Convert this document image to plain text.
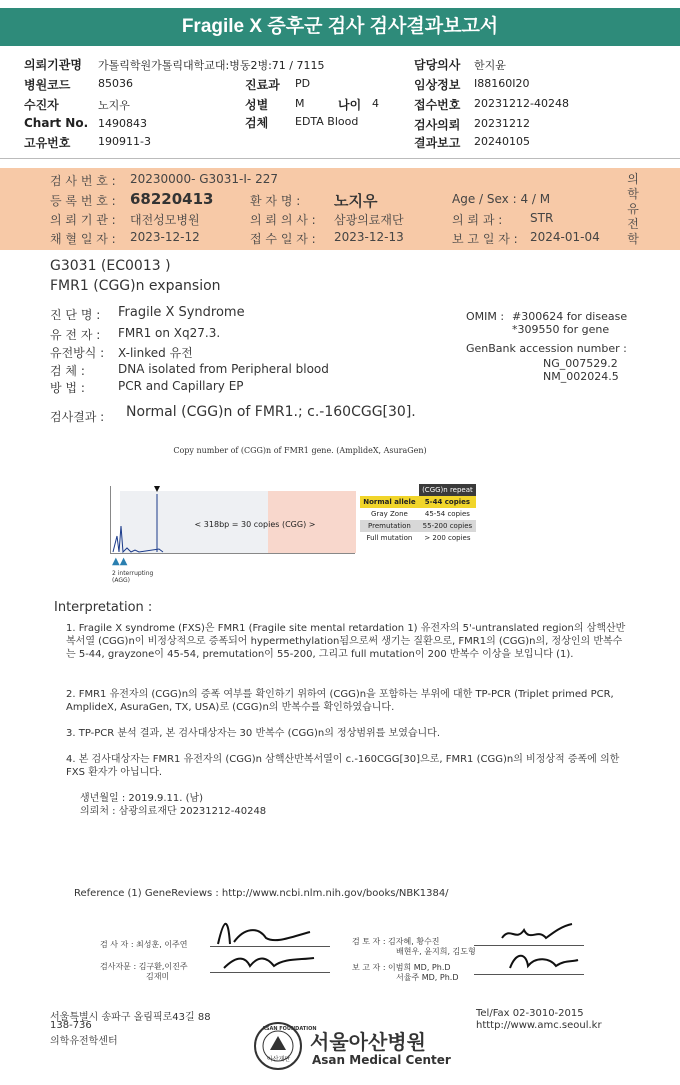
Fragile X 증후군 검사 검사결과보고서
의뢰기관명 가톨릭학원가톨릭대학교대:병동2병:71 / 7115
병원코드	85036
수진자	노지우
Chart No. 1490843
고유번호	190911-3
진료과 PD
성별 M	나이 4
검체 EDTA Blood
담당의사 한지윤
임상정보 I88160I20
접수번호 20231212-40248
검사의뢰 20231212
결과보고 20240105
검 사 번 호 : 20230000- G3031-I- 227
등 록 번 호 : 68220413	환 자 명 : 노지우	Age / Sex : 4 / M
의 뢰 기 관 : 대전성모병원	의 뢰 의 사 : 삼광의료재단	의 뢰 과 : STR
채 혈 일 자 : 2023-12-12	접 수 일 자 : 2023-12-13	보 고 일 자 : 2024-01-04
의
학
유
전
학
G3031 (EC0013 )
FMR1 (CGG)n expansion
진 단 명 : Fragile X Syndrome
유 전 자 : FMR1 on Xq27.3.
유전방식 : X-linked 유전
검 체 :	DNA isolated from Peripheral blood
방 법 :	PCR and Capillary EP
OMIM : #300624 for disease
*309550 for gene
GenBank accession number :
NG_007529.2
NM_002024.5
검사결과 : Normal (CGG)n of FMR1.; c.-160CGG[30].
Copy number of (CGG)n of FMR1 gene. (AmplideX, AsuraGen)
< 318bp = 30 copies (CGG) >
▲▲
2 interrupting (AGG)
	(CGG)n repeat
Normal allele	5-44 copies
Gray Zone	45-54 copies
Premutation	55-200 copies
Full mutation	> 200 copies
Interpretation :

1. Fragile X syndrome (FXS)은 FMR1 (Fragile site mental retardation 1) 유전자의 5'-untranslated region의 삼핵산반복서열 (CGG)n이 비정상적으로 증폭되어 hypermethylation됨으로써 생기는 질환으로, FMR1의 (CGG)n의, 정상인의 반복수는 5-44, grayzone이 45-54, premutation이 55-200, 그리고 full mutation이 200 반복수 이상을 보입니다 (1).

2. FMR1 유전자의 (CGG)n의 증폭 여부를 확인하기 위하여 (CGG)n을 포함하는 부위에 대한 TP-PCR (Triplet primed PCR, AmplideX, AsuraGen, TX, USA)로 (CGG)n의 반복수를 확인하였습니다.

3. TP-PCR 분석 결과, 본 검사대상자는 30 반복수 (CGG)n의 정상범위를 보였습니다.

4. 본 검사대상자는 FMR1 유전자의 (CGG)n 삼핵산반복서열이 c.-160CGG[30]으로, FMR1 (CGG)n의 비정상적 증폭에 의한 FXS 환자가 아닙니다.

생년월일 : 2019.9.11. (남)

의뢰처 : 삼광의료재단 20231212-40248

Reference (1) GeneReviews : http://www.ncbi.nlm.nih.gov/books/NBK1384/
검 사 자 : 최성훈, 이주연
검사자문 : 김구환,이진주
김재미
검 토 자 : 김자혜, 황수진
배현우, 윤지희, 김도형
보 고 자 : 이범희 MD, Ph.D
서율주 MD, Ph.D
서울특별시 송파구 올림픽로43길 88
138-736
의학유전학센터
ASAN FOUNDATION
아산재단
서울아산병원
Asan Medical Center
Tel/Fax 02-3010-2015
htttp://www.amc.seoul.kr
